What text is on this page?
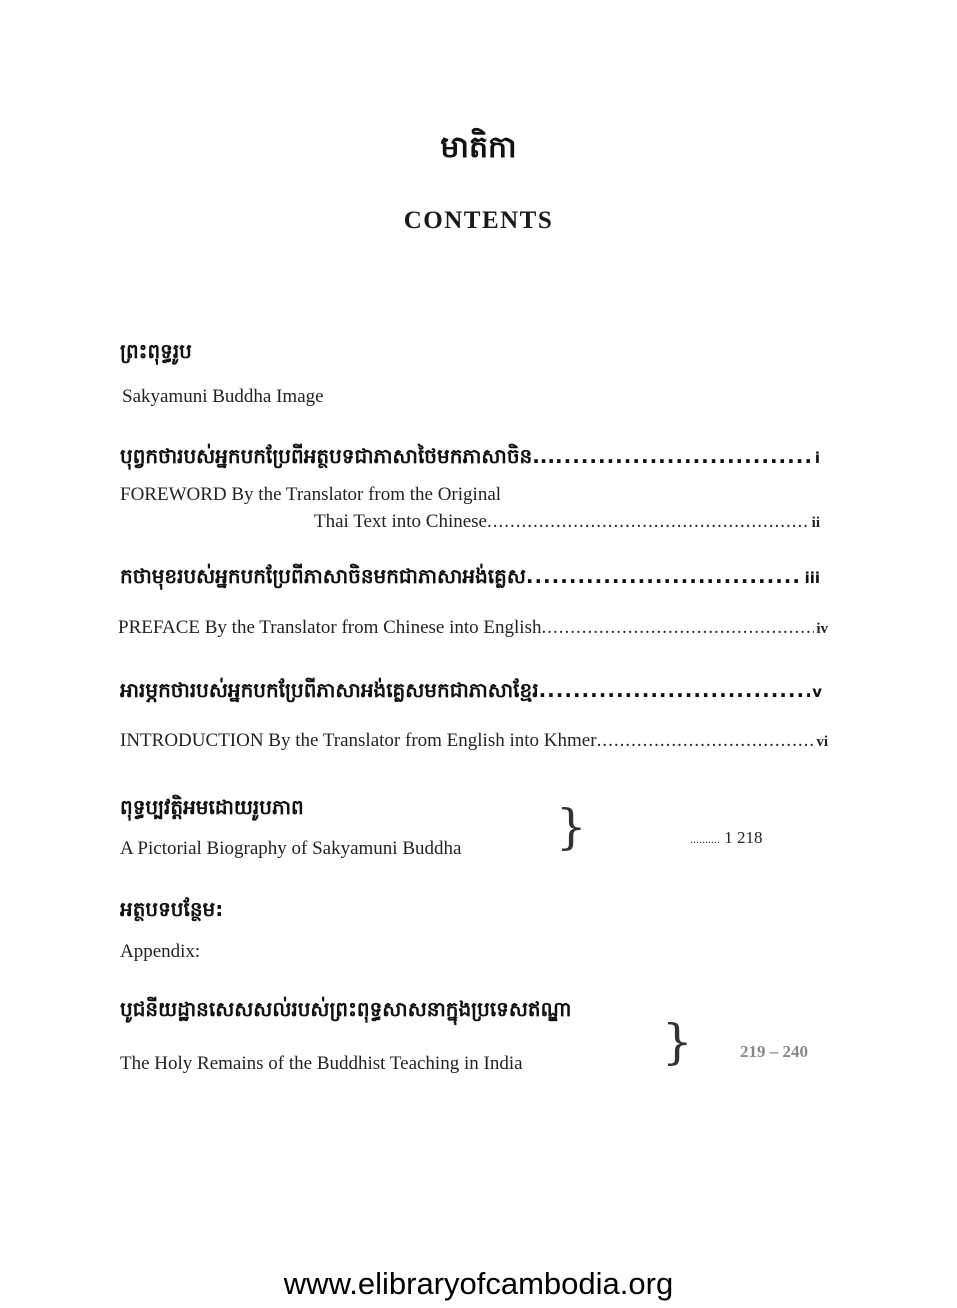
មាតិកា
CONTENTS
ព្រះពុទ្ធរូប
Sakyamuni Buddha Image
បុព្វកថារបស់អ្នកបកប្រែពីអត្ថបទជាភាសាថៃមកភាសាចិន... .....	i
FOREWORD By the Translator from the Original
Thai Text into Chinese .....	ii
កថាមុខរបស់អ្នកបកប្រែពីភាសាចិនមកជាភាសាអង់គ្លេស .....	iii
PREFACE By the Translator from Chinese into English .....	iv
អារម្ភកថារបស់អ្នកបកប្រែពីភាសាអង់គ្លេសមកជាភាសាខ្មែរ .....	v
INTRODUCTION By the Translator from English into Khmer .....	vi
ពុទ្ធប្បវត្តិអមដោយរូបភាព
A Pictorial Biography of Sakyamuni Buddha }	.......... 1 218
អត្ថបទបន្ថែម:
Appendix:
បូជនីយដ្ឋានសេសសល់របស់ព្រះពុទ្ធសាសនាក្នុងប្រទេសឥណ្ឌា
The Holy Remains of the Buddhist Teaching in India	}	219 – 240
www.elibraryofcambodia.org
